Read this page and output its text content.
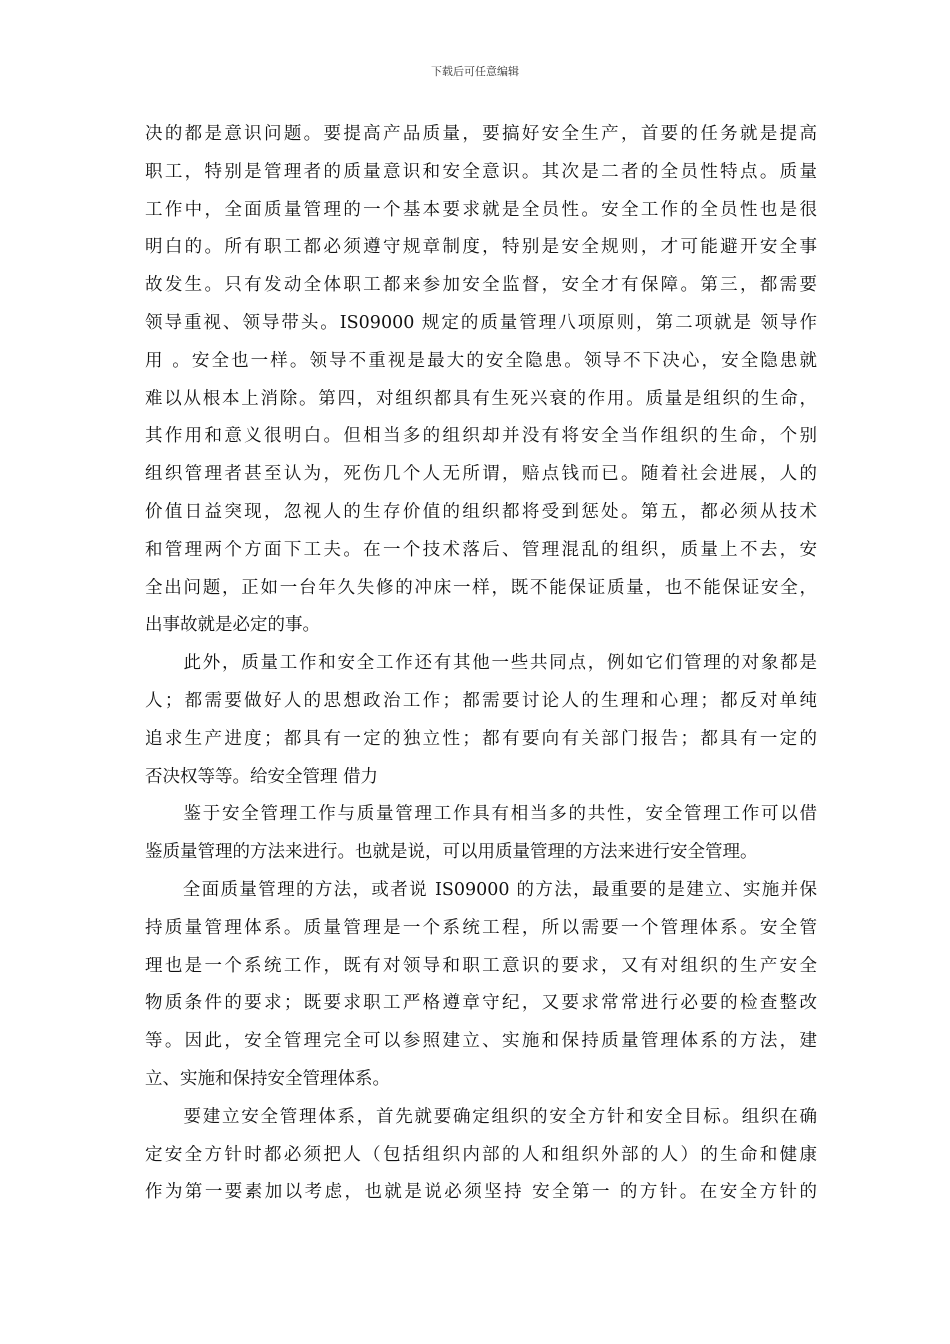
下载后可任意编辑

决的都是意识问题。要提高产品质量，要搞好安全生产，首要的任务就是提高
职工，特别是管理者的质量意识和安全意识。其次是二者的全员性特点。质量
工作中，全面质量管理的一个基本要求就是全员性。安全工作的全员性也是很
明白的。所有职工都必须遵守规章制度，特别是安全规则，才可能避开安全事
故发生。只有发动全体职工都来参加安全监督，安全才有保障。第三，都需要
领导重视、领导带头。IS09000 规定的质量管理八项原则，第二项就是 领导作
用 。安全也一样。领导不重视是最大的安全隐患。领导不下决心，安全隐患就
难以从根本上消除。第四，对组织都具有生死兴衰的作用。质量是组织的生命，
其作用和意义很明白。但相当多的组织却并没有将安全当作组织的生命，个别
组织管理者甚至认为，死伤几个人无所谓，赔点钱而已。随着社会进展，人的
价值日益突现，忽视人的生存价值的组织都将受到惩处。第五，都必须从技术
和管理两个方面下工夫。在一个技术落后、管理混乱的组织，质量上不去，安
全出问题，正如一台年久失修的冲床一样，既不能保证质量，也不能保证安全，
出事故就是必定的事。

　　此外，质量工作和安全工作还有其他一些共同点，例如它们管理的对象都是
人；都需要做好人的思想政治工作；都需要讨论人的生理和心理；都反对单纯
追求生产进度；都具有一定的独立性；都有要向有关部门报告；都具有一定的
否决权等等。给安全管理 借力

　　鉴于安全管理工作与质量管理工作具有相当多的共性，安全管理工作可以借
鉴质量管理的方法来进行。也就是说，可以用质量管理的方法来进行安全管理。

　　全面质量管理的方法，或者说 IS09000 的方法，最重要的是建立、实施并保
持质量管理体系。质量管理是一个系统工程，所以需要一个管理体系。安全管
理也是一个系统工作，既有对领导和职工意识的要求，又有对组织的生产安全
物质条件的要求；既要求职工严格遵章守纪，又要求常常进行必要的检查整改
等。因此，安全管理完全可以参照建立、实施和保持质量管理体系的方法，建
立、实施和保持安全管理体系。

　　要建立安全管理体系，首先就要确定组织的安全方针和安全目标。组织在确
定安全方针时都必须把人（包括组织内部的人和组织外部的人）的生命和健康
作为第一要素加以考虑，也就是说必须坚持 安全第一 的方针。在安全方针的
